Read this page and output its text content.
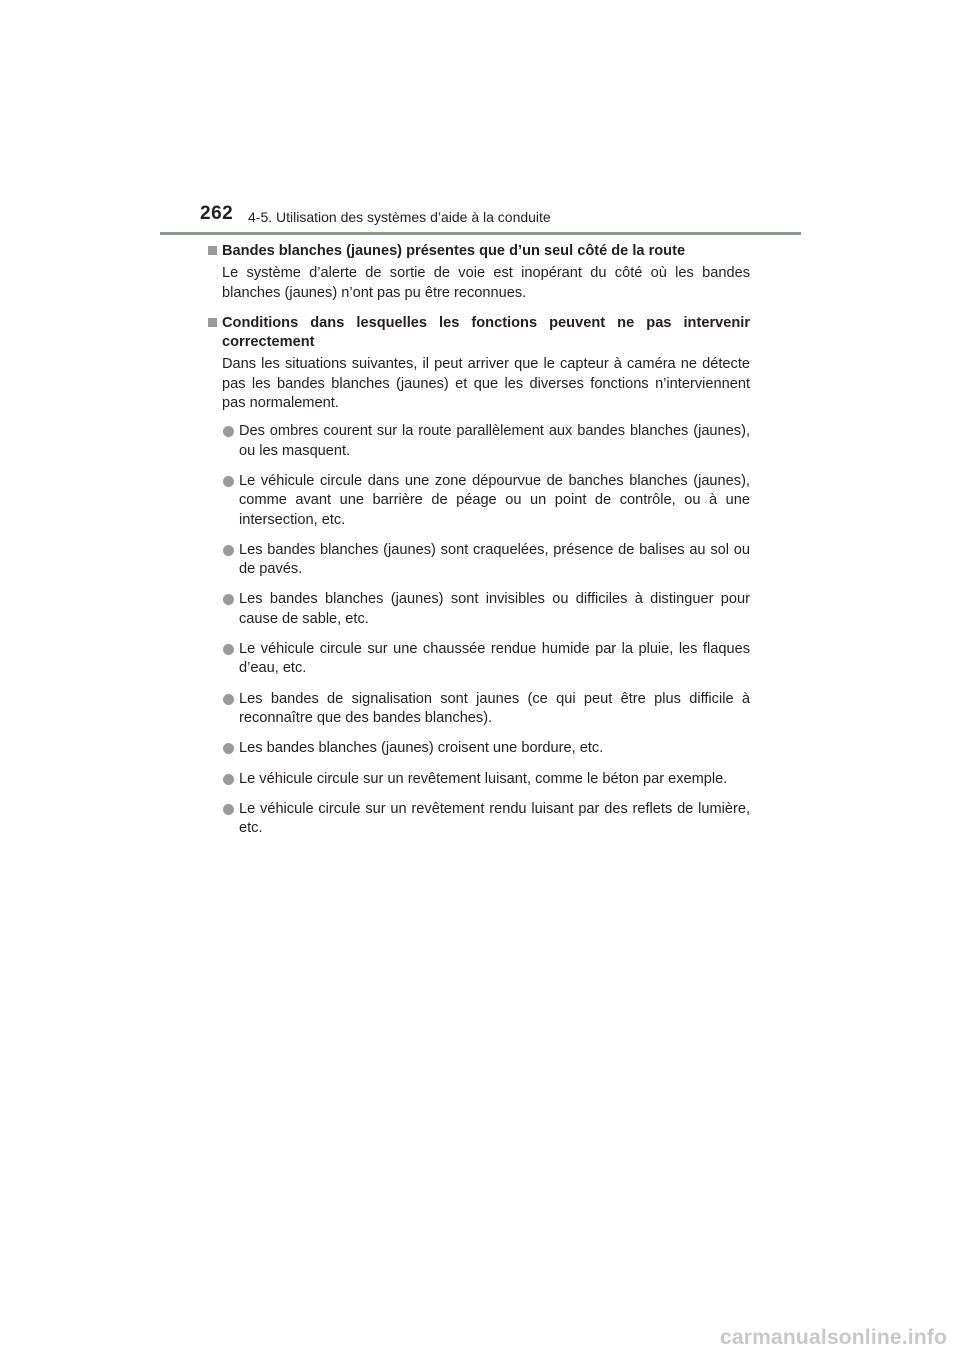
262 4-5. Utilisation des systèmes d’aide à la conduite

Bandes blanches (jaunes) présentes que d’un seul côté de la route

Le système d’alerte de sortie de voie est inopérant du côté où les bandes blanches (jaunes) n’ont pas pu être reconnues.

Conditions dans lesquelles les fonctions peuvent ne pas intervenir correctement

Dans les situations suivantes, il peut arriver que le capteur à caméra ne détecte pas les bandes blanches (jaunes) et que les diverses fonctions n’interviennent pas normalement.

Des ombres courent sur la route parallèlement aux bandes blanches (jaunes), ou les masquent.
Le véhicule circule dans une zone dépourvue de banches blanches (jaunes), comme avant une barrière de péage ou un point de contrôle, ou à une intersection, etc.
Les bandes blanches (jaunes) sont craquelées, présence de balises au sol ou de pavés.
Les bandes blanches (jaunes) sont invisibles ou difficiles à distinguer pour cause de sable, etc.
Le véhicule circule sur une chaussée rendue humide par la pluie, les flaques d’eau, etc.
Les bandes de signalisation sont jaunes (ce qui peut être plus difficile à reconnaître que des bandes blanches).
Les bandes blanches (jaunes) croisent une bordure, etc.
Le véhicule circule sur un revêtement luisant, comme le béton par exemple.
Le véhicule circule sur un revêtement rendu luisant par des reflets de lumière, etc.
carmanualsonline.info
